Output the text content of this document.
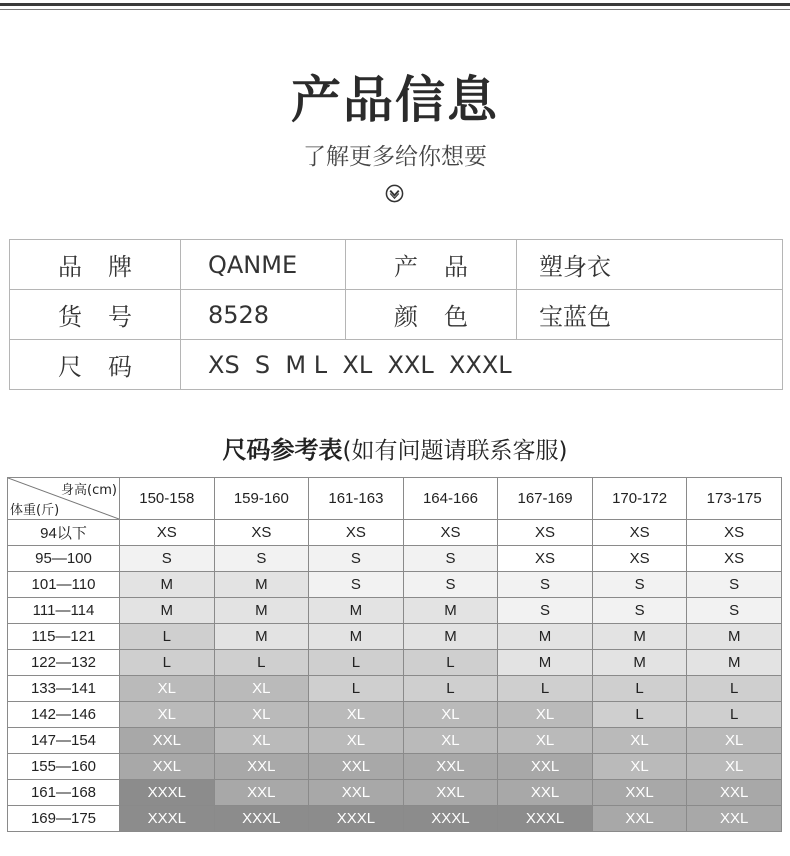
产品信息
了解更多给你想要
品牌	QANME	产品	塑身衣
货号	8528	颜色	宝蓝色
尺码	XS  S  M L  XL  XXL  XXXL		
尺码参考表(如有问题请联系客服)
身高(cm)
体重(斤)	150-158	159-160	161-163	164-166	167-169	170-172	173-175
94以下	XS	XS	XS	XS	XS	XS	XS
95—100	S	S	S	S	XS	XS	XS
101—110	M	M	S	S	S	S	S
111—114	M	M	M	M	S	S	S
115—121	L	M	M	M	M	M	M
122—132	L	L	L	L	M	M	M
133—141	XL	XL	L	L	L	L	L
142—146	XL	XL	XL	XL	XL	L	L
147—154	XXL	XL	XL	XL	XL	XL	XL
155—160	XXL	XXL	XXL	XXL	XXL	XL	XL
161—168	XXXL	XXL	XXL	XXL	XXL	XXL	XXL
169—175	XXXL	XXXL	XXXL	XXXL	XXXL	XXL	XXL
